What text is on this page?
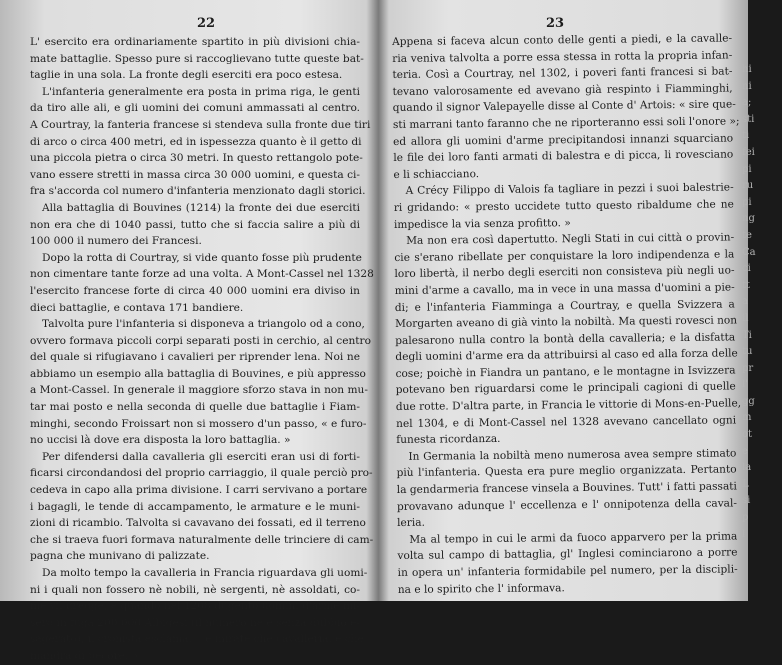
22
L' esercito era ordinariamente spartito in più divisioni chia-
mate battaglie. Spesso pure si raccoglievano tutte queste bat-
taglie in una sola. La fronte degli eserciti era poco estesa.
L'infanteria generalmente era posta in prima riga, le genti
da tiro alle ali, e gli uomini dei comuni ammassati al centro.
A Courtray, la fanteria francese si stendeva sulla fronte due tiri
di arco o circa 400 metri, ed in ispessezza quanto è il getto di
una piccola pietra o circa 30 metri. In questo rettangolo pote-
vano essere stretti in massa circa 30 000 uomini, e questa ci-
fra s'accorda col numero d'infanteria menzionato dagli storici.
Alla battaglia di Bouvines (1214) la fronte dei due eserciti
non era che di 1040 passi, tutto che si faccia salire a più di
100 000 il numero dei Francesi.
Dopo la rotta di Courtray, si vide quanto fosse più prudente
non cimentare tante forze ad una volta. A Mont-Cassel nel 1328
l'esercito francese forte di circa 40 000 uomini era diviso in
dieci battaglie, e contava 171 bandiere.
Talvolta pure l'infanteria si disponeva a triangolo od a cono,
ovvero formava piccoli corpi separati posti in cerchio, al centro
del quale si rifugiavano i cavalieri per riprender lena. Noi ne
abbiamo un esempio alla battaglia di Bouvines, e più appresso
a Mont-Cassel. In generale il maggiore sforzo stava in non mu-
tar mai posto e nella seconda di quelle due battaglie i Fiam-
minghi, secondo Froissart non si mossero d'un passo, « e furo-
no uccisi là dove era disposta la loro battaglia. »
Per difendersi dalla cavalleria gli eserciti eran usi di forti-
ficarsi circondandosi del proprio carriaggio, il quale perciò pro-
cedeva in capo alla prima divisione. I carri servivano a portare
i bagagli, le tende di accampamento, le armature e le muni-
zioni di ricambio. Talvolta si cavavano dei fossati, ed il terreno
che si traeva fuori formava naturalmente delle trinciere di cam-
pagna che munivano di palizzate.
Da molto tempo la cavalleria in Francia riguardava gli uomi-
ni i quali non fossero nè nobili, nè sergenti, nè assoldati, co-
me vil gregge, e quando nel 1208 dugento uomini d'arme mi-
sero in fuga 200 000 Albigesi (il numero ne è senza dubbio e-
sagerato), il cronista esclama: « e mirate che cavalleria, e che
mandra di pecore. »
23
Appena si faceva alcun conto delle genti a piedi, e la cavalle-
ria veniva talvolta a porre essa stessa in rotta la propria infan-
teria. Così a Courtray, nel 1302, i poveri fanti francesi si bat-
tevano valorosamente ed avevano già respinto i Fiamminghi,
quando il signor Valepayelle disse al Conte d' Artois: « sire que-
sti marrani tanto faranno che ne riporteranno essi soli l'onore »;
ed allora gli uomini d'arme precipitandosi innanzi squarciano
le file dei loro fanti armati di balestra e di picca, li rovesciano
e li schiacciano.
A Crécy Filippo di Valois fa tagliare in pezzi i suoi balestrie-
ri gridando: « presto uccidete tutto questo ribaldume che ne
impedisce la via senza profitto. »
Ma non era così dapertutto. Negli Stati in cui città o provin-
cie s'erano ribellate per conquistare la loro indipendenza e la
loro libertà, il nerbo degli eserciti non consisteva più negli uo-
mini d'arme a cavallo, ma in vece in una massa d'uomini a pie-
di; e l'infanteria Fiamminga a Courtray, e quella Svizzera a
Morgarten aveano di già vinto la nobiltà. Ma questi rovesci non
palesarono nulla contro la bontà della cavalleria; e la disfatta
degli uomini d'arme era da attribuirsi al caso ed alla forza delle
cose; poichè in Fiandra un pantano, e le montagne in Isvizzera
potevano ben riguardarsi come le principali cagioni di quelle
due rotte. D'altra parte, in Francia le vittorie di Mons-en-Puelle,
nel 1304, e di Mont-Cassel nel 1328 avevano cancellato ogni
funesta ricordanza.
In Germania la nobiltà meno numerosa avea sempre stimato
più l'infanteria. Questa era pure meglio organizzata. Pertanto
la gendarmeria francese vinsela a Bouvines. Tutt' i fatti passati
provavano adunque l' eccellenza e l' onnipotenza della caval-
leria.
Ma al tempo in cui le armi da fuoco apparvero per la prima
volta sul campo di battaglia, gl' Inglesi cominciarono a porre
in opera un' infanteria formidabile pel numero, per la discipli-
na e lo spirito che l' informava.
hi
ni
a;
sti
ti
fei
pi
ru
pi
ng
te
Ca
ci
tt
a
il
Ti
tu
pr
l'
gg
m
ot
e
la
L
si
p
l
